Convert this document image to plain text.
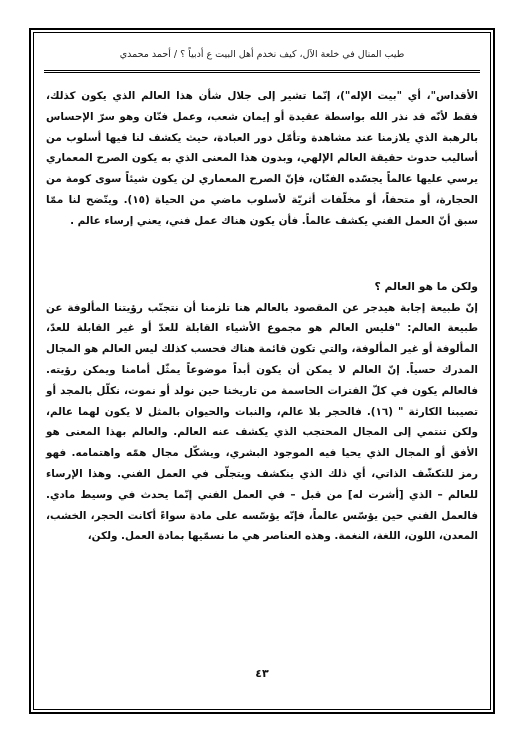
طيب المنال في خلعة الآل، كيف نخدم أهل البيت ع أدبياً ؟ / أحمد محمدي

الأقداس"، أي "بيت الإله")، إنّما تشير إلى جلال شأن هذا العالم الذي يكون كذلك، فقط لأنّه قد نذر الله بواسطة عقيدة أو إيمان شعب، وعمل فنّان وهو سرّ الإحساس بالرهبة الذي يلازمنا عند مشاهدة وتأمّل دور العبادة، حيث يكشف لنا فيها أسلوب من أساليب حدوث حقيقة العالم الإلهي، وبدون هذا المعنى الذي به يكون الصرح المعماري يرسي عليها عالماً يجسّده الفنّان، فإنّ الصرح المعماري لن يكون شيئاً سوى كومة من الحجارة، أو متحفاً، أو مخلّفات أثريّة لأسلوب ماضي من الحياة (١٥). ويتّضح لنا ممّا سبق أنّ العمل الفني يكشف عالماً. فأن يكون هناك عمل فني، يعني إرساء عالم .

ولكن ما هو العالم ؟

إنّ طبيعة إجابة هيدجر عن المقصود بالعالم هنا تلزمنا أن نتجنّب رؤيتنا المألوفة عن طبيعة العالم: "فليس العالم هو مجموع الأشياء القابلة للعدّ أو غير القابلة للعدّ، المألوفة أو غير المألوفة، والتي تكون قائمة هناك فحسب كذلك ليس العالم هو المجال المدرك حسياً. إنّ العالم لا يمكن أن يكون أبداً موضوعاً يمثّل أمامنا ويمكن رؤيته. فالعالم يكون في كلّ الفترات الحاسمة من تاريخنا حين نولد أو نموت، نكلّل بالمجد أو تصيبنا الكارثة " (١٦). فالحجر بلا عالم، والنبات والحيوان بالمثل لا يكون لهما عالم، ولكن تنتمي إلى المجال المحتجب الذي يكشف عنه العالم. والعالم بهذا المعنى هو الأفق أو المجال الذي يحيا فيه الموجود البشري، ويشكّل مجال همّه واهتمامه. فهو رمز للتكشّف الذاتي، أي ذلك الذي ينكشف ويتجلّى في العمل الفني. وهذا الإرساء للعالم – الذي [أشرت له] من قبل – في العمل الفني إنّما يحدث في وسيط مادي. فالعمل الفني حين يؤسّس عالماً، فإنّه يؤسّسه على مادة سواءً أكانت الحجر، الخشب، المعدن، اللون، اللغة، النغمة. وهذه العناصر هي ما نسمّيها بمادة العمل. ولكن،

٤٣
